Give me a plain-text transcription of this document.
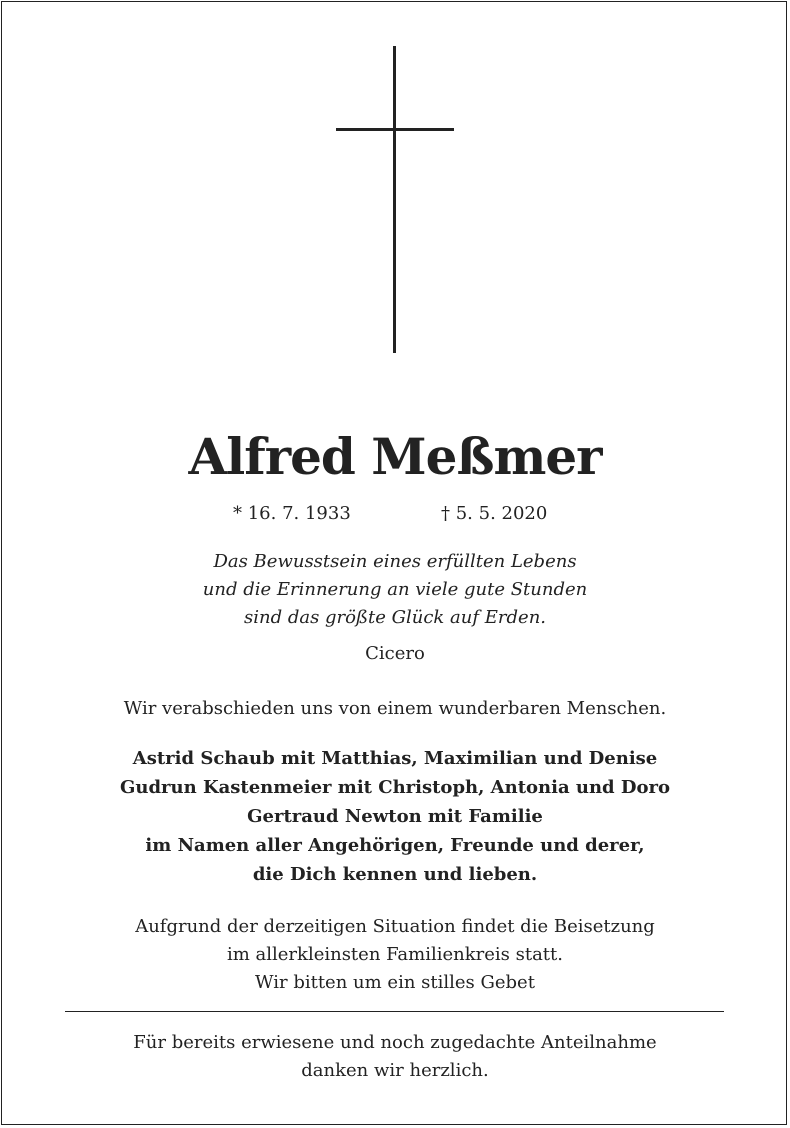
Alfred Meßmer
* 16. 7. 1933	† 5. 5. 2020
Das Bewusstsein eines erfüllten Lebens
und die Erinnerung an viele gute Stunden
sind das größte Glück auf Erden.
Cicero
Wir verabschieden uns von einem wunderbaren Menschen.
Astrid Schaub mit Matthias, Maximilian und Denise
Gudrun Kastenmeier mit Christoph, Antonia und Doro
Gertraud Newton mit Familie
im Namen aller Angehörigen, Freunde und derer,
die Dich kennen und lieben.
Aufgrund der derzeitigen Situation findet die Beisetzung
im allerkleinsten Familienkreis statt.
Wir bitten um ein stilles Gebet
Für bereits erwiesene und noch zugedachte Anteilnahme
danken wir herzlich.
